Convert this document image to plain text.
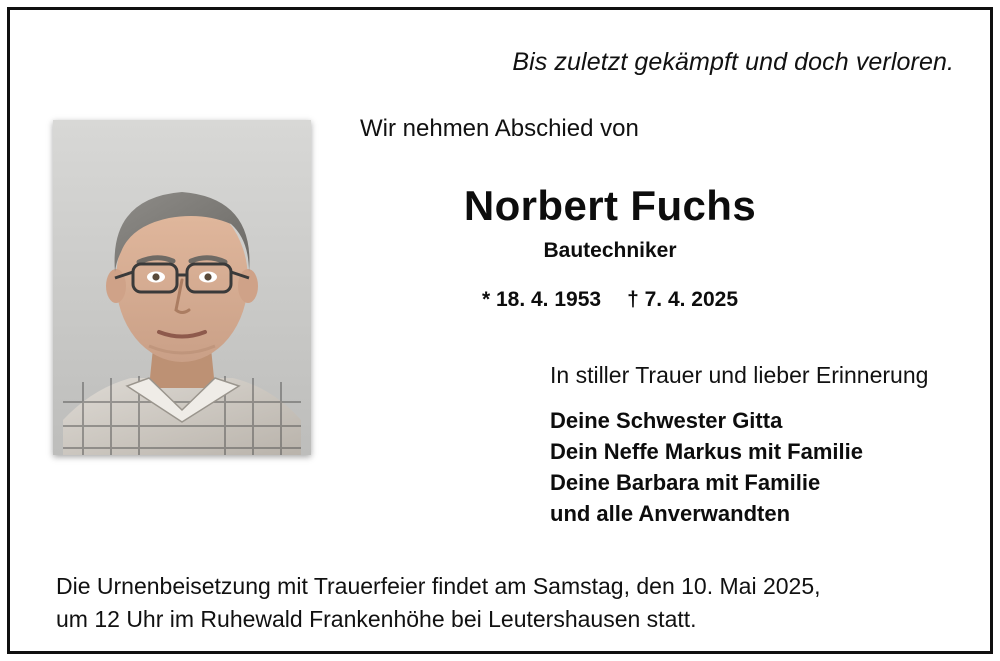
Bis zuletzt gekämpft und doch verloren.
Wir nehmen Abschied von
Norbert Fuchs
Bautechniker
* 18. 4. 1953 † 7. 4. 2025
In stiller Trauer und lieber Erinnerung
Deine Schwester Gitta
Dein Neffe Markus mit Familie
Deine Barbara mit Familie
und alle Anverwandten
Die Urnenbeisetzung mit Trauerfeier findet am Samstag, den 10. Mai 2025,
um 12 Uhr im Ruhewald Frankenhöhe bei Leutershausen statt.
